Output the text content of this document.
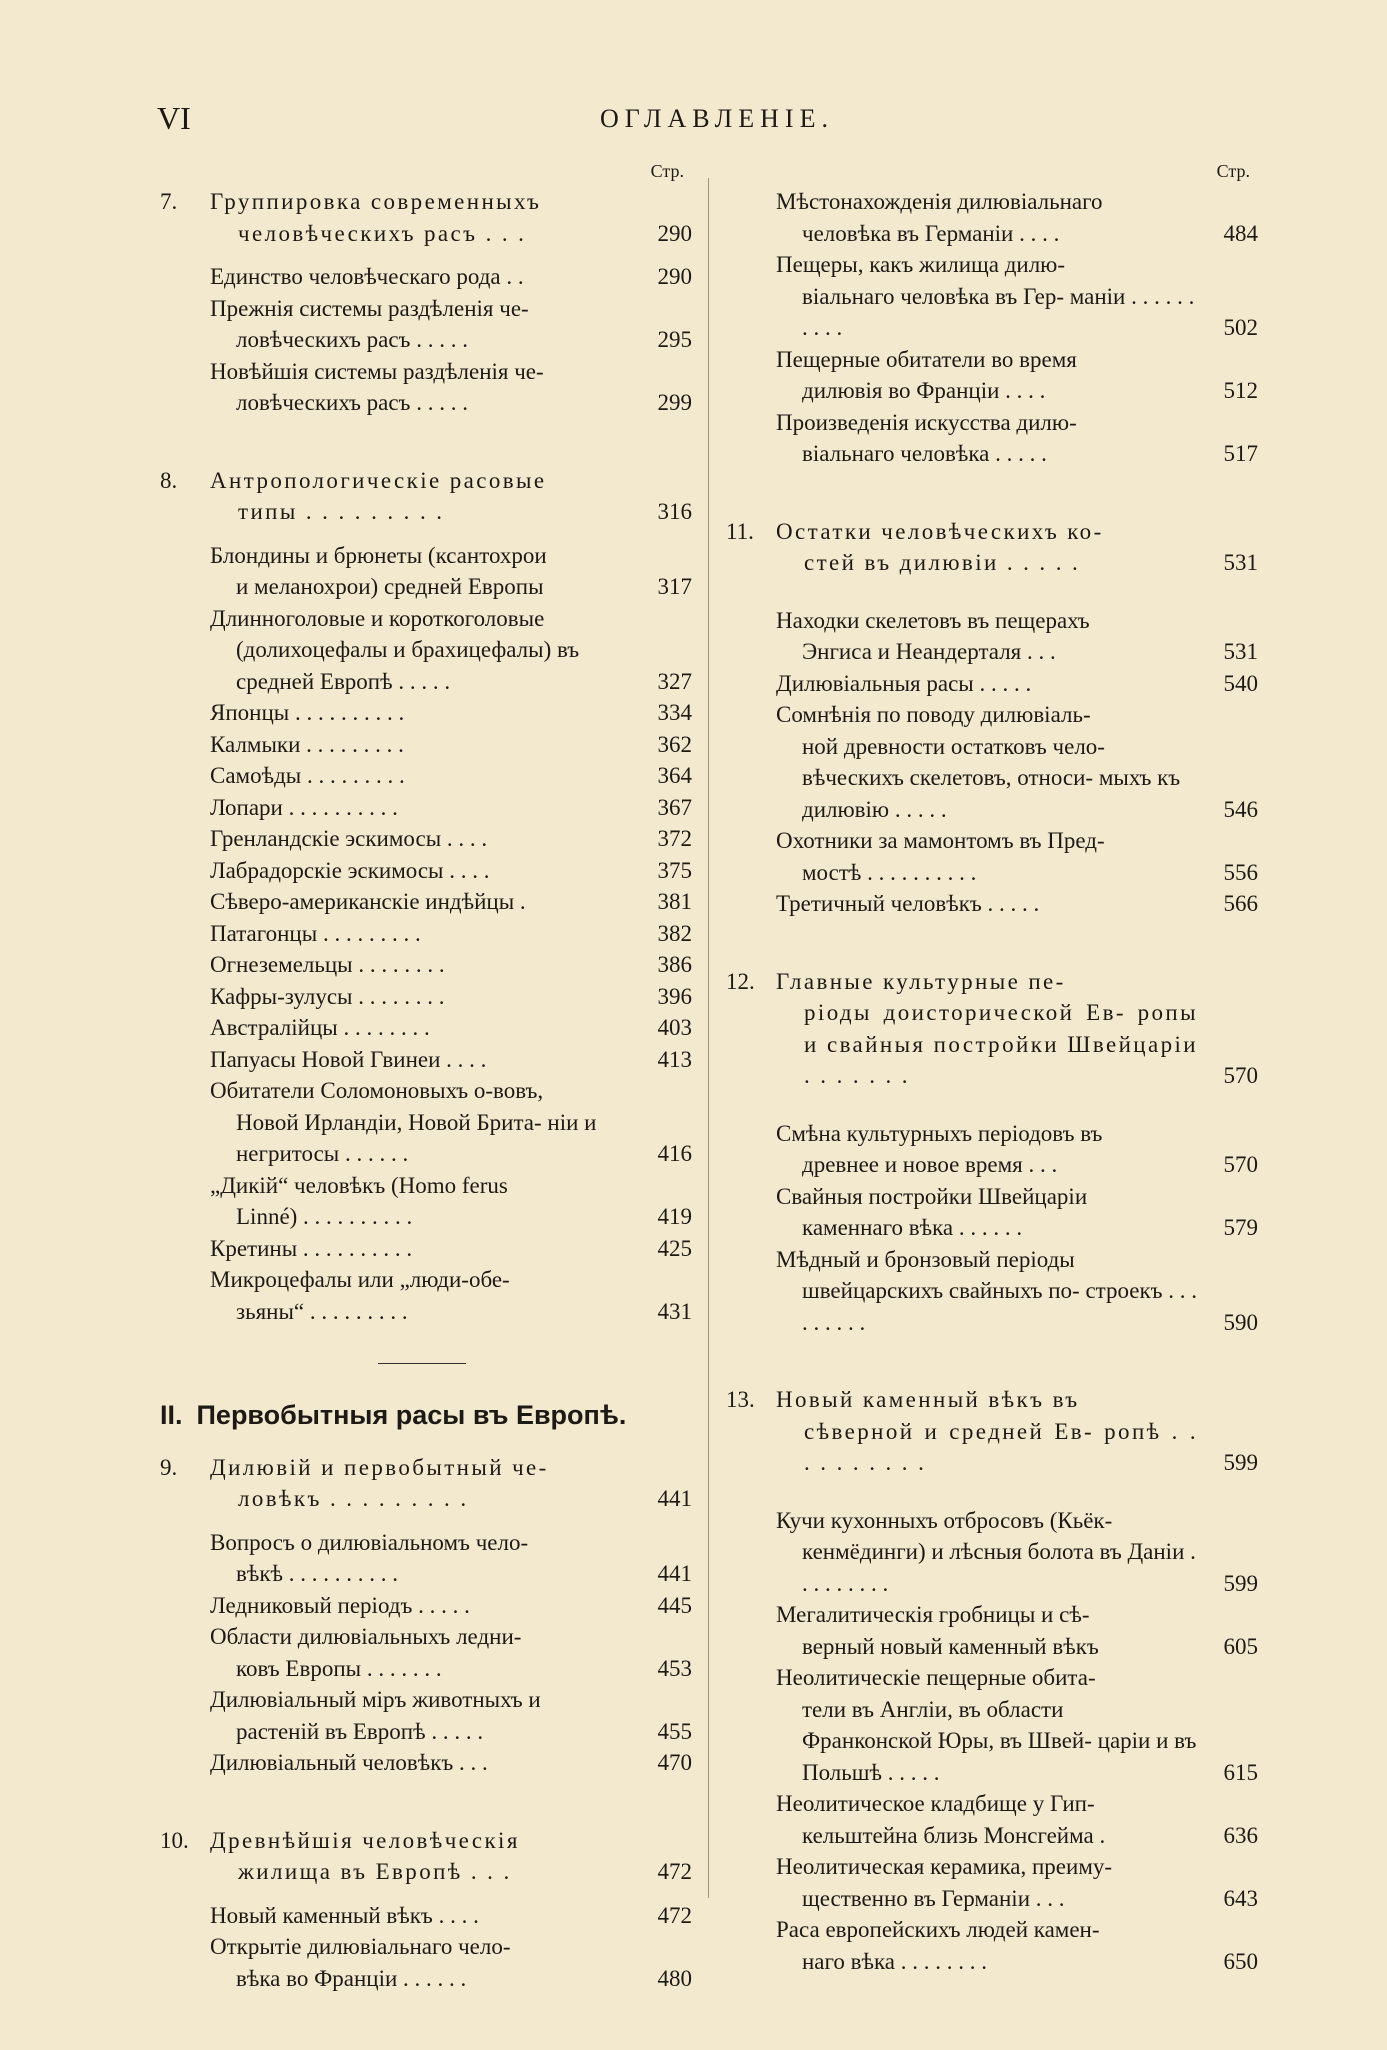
VI	ОГЛАВЛЕНІЕ.
Стр.
7.	Группировка современныхъ
человѣческихъ расъ . . .	290
Единство человѣческаго рода . .	290
Прежнія системы раздѣленія че-
ловѣческихъ расъ . . . . .	295
Новѣйшія системы раздѣленія че-
ловѣческихъ расъ . . . . .	299
8.	Антропологическіе расовые
типы . . . . . . . . .	316
Блондины и брюнеты (ксантохрои
и меланохрои) средней Европы	317
Длинноголовые и короткоголовые
(долихоцефалы и брахицефалы) въ средней Европѣ . . . . .	327
Японцы . . . . . . . . . .	334
Калмыки . . . . . . . . .	362
Самоѣды . . . . . . . . .	364
Лопари . . . . . . . . . .	367
Гренландскіе эскимосы . . . .	372
Лабрадорскіе эскимосы . . . .	375
Сѣверо-американскіе индѣйцы .	381
Патагонцы . . . . . . . . .	382
Огнеземельцы . . . . . . . .	386
Кафры-зулусы . . . . . . . .	396
Австралійцы . . . . . . . .	403
Папуасы Новой Гвинеи . . . .	413
Обитатели Соломоновыхъ о-вовъ,
Новой Ирландіи, Новой Брита- нiи и негритосы . . . . . .	416
„Дикій“ человѣкъ (Homo ferus
Linné) . . . . . . . . . .	419
Кретины . . . . . . . . . .	425
Микроцефалы или „люди-обе-
зьяны“ . . . . . . . . .	431
II. Первобытныя расы въ Европѣ.
9.	Дилювій и первобытный че-
ловѣкъ . . . . . . . . .	441
Вопросъ о дилювіальномъ чело-
вѣкѣ . . . . . . . . . .	441
Ледниковый періодъ . . . . .	445
Области дилювіальныхъ ледни-
ковъ Европы . . . . . . .	453
Дилювіальный міръ животныхъ и
растеній въ Европѣ . . . . .	455
Дилювіальный человѣкъ . . .	470
10. Древнѣйшія человѣческія
жилища въ Европѣ . . .	472
Новый каменный вѣкъ . . . .	472
Открытіе дилювіальнаго чело-
вѣка во Франціи . . . . . .	480
Стр.
Мѣстонахожденія дилювіальнаго
человѣка въ Германіи . . . .	484
Пещеры, какъ жилища дилю-
віальнаго человѣка въ Гер- маніи . . . . . . . . . .	502
Пещерные обитатели во время
дилювія во Франціи . . . .	512
Произведенія искусства дилю-
віальнаго человѣка . . . . .	517
11. Остатки человѣческихъ ко-
стей въ дилювіи . . . . .	531
Находки скелетовъ въ пещерахъ
Энгиса и Неандерталя . . .	531
Дилювіальныя расы . . . . .	540
Сомнѣнія по поводу дилювіаль-
ной древности остатковъ чело- вѣческихъ скелетовъ, относи- мыхъ къ дилювію . . . . .	546
Охотники за мамонтомъ въ Пред-
мостѣ . . . . . . . . . .	556
Третичный человѣкъ . . . . .	566
12. Главные культурные пе-
ріоды доисторической Ев- ропы и свайныя постройки Швейцаріи . . . . . . .	570
Смѣна культурныхъ періодовъ въ
древнее и новое время . . .	570
Свайныя постройки Швейцаріи
каменнаго вѣка . . . . . .	579
Мѣдный и бронзовый періоды
швейцарскихъ свайныхъ по- строекъ . . . . . . . . .	590
13. Новый каменный вѣкъ въ
сѣверной и средней Ев- ропѣ . . . . . . . . . .	599
Кучи кухонныхъ отбросовъ (Кьёк-
кенмёдинги) и лѣсныя болота въ Даніи . . . . . . . . .	599
Мегалитическія гробницы и сѣ-
верный новый каменный вѣкъ	605
Неолитическіе пещерные обита-
тели въ Англіи, въ области Франконской Юры, въ Швей- царіи и въ Польшѣ . . . . .	615
Неолитическое кладбище у Гип-
кельштейна близь Монсгейма .	636
Неолитическая керамика, преиму-
щественно въ Германіи . . .	643
Раса европейскихъ людей камен-
наго вѣка . . . . . . . .	650
